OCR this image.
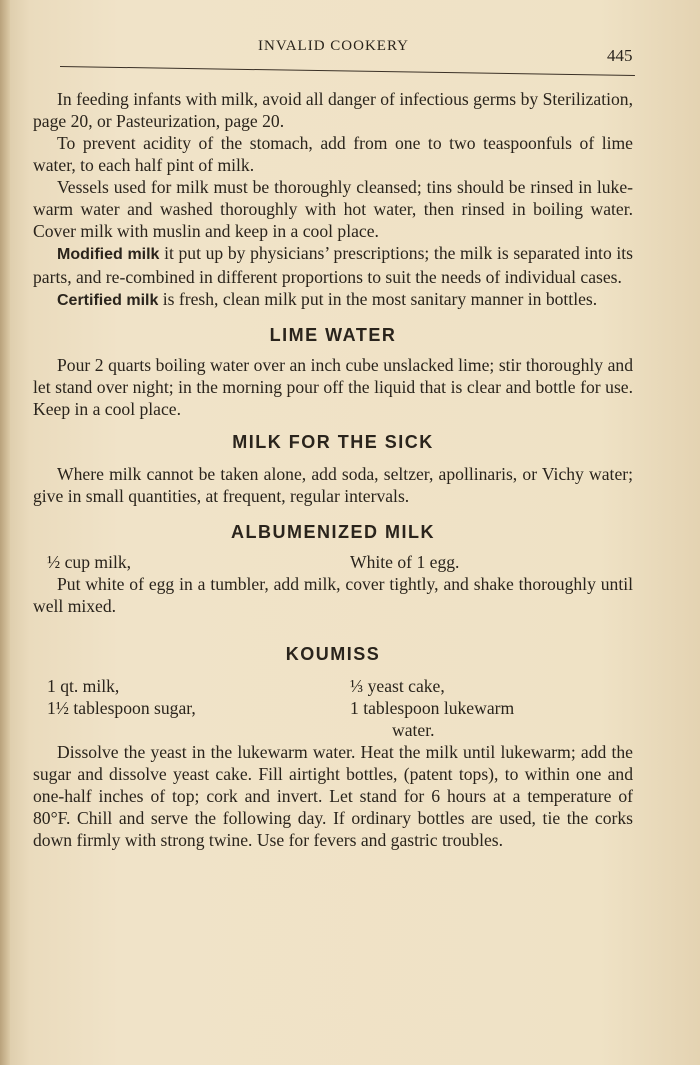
INVALID COOKERY	445

In feeding infants with milk, avoid all danger of infectious germs by Sterilization, page 20, or Pasteurization, page 20.

To prevent acidity of the stomach, add from one to two teaspoonfuls of lime water, to each half pint of milk.

Vessels used for milk must be thoroughly cleansed; tins should be rinsed in luke-warm water and washed thoroughly with hot water, then rinsed in boiling water. Cover milk with muslin and keep in a cool place.

Modified milk it put up by physicians’ prescriptions; the milk is separated into its parts, and re-combined in different proportions to suit the needs of individual cases.

Certified milk is fresh, clean milk put in the most sanitary manner in bottles.

LIME WATER

Pour 2 quarts boiling water over an inch cube unslacked lime; stir thoroughly and let stand over night; in the morning pour off the liquid that is clear and bottle for use. Keep in a cool place.

MILK FOR THE SICK

Where milk cannot be taken alone, add soda, seltzer, apollinaris, or Vichy water; give in small quantities, at frequent, regular intervals.

ALBUMENIZED MILK
½ cup milk,	White of 1 egg.

Put white of egg in a tumbler, add milk, cover tightly, and shake thoroughly until well mixed.

KOUMISS
1 qt. milk,
1½ tablespoon sugar,
⅓ yeast cake,
1 tablespoon lukewarm
water.

Dissolve the yeast in the lukewarm water. Heat the milk until lukewarm; add the sugar and dissolve yeast cake. Fill airtight bottles, (patent tops), to within one and one-half inches of top; cork and invert. Let stand for 6 hours at a temperature of 80°F. Chill and serve the following day. If ordinary bottles are used, tie the corks down firmly with strong twine. Use for fevers and gastric troubles.
